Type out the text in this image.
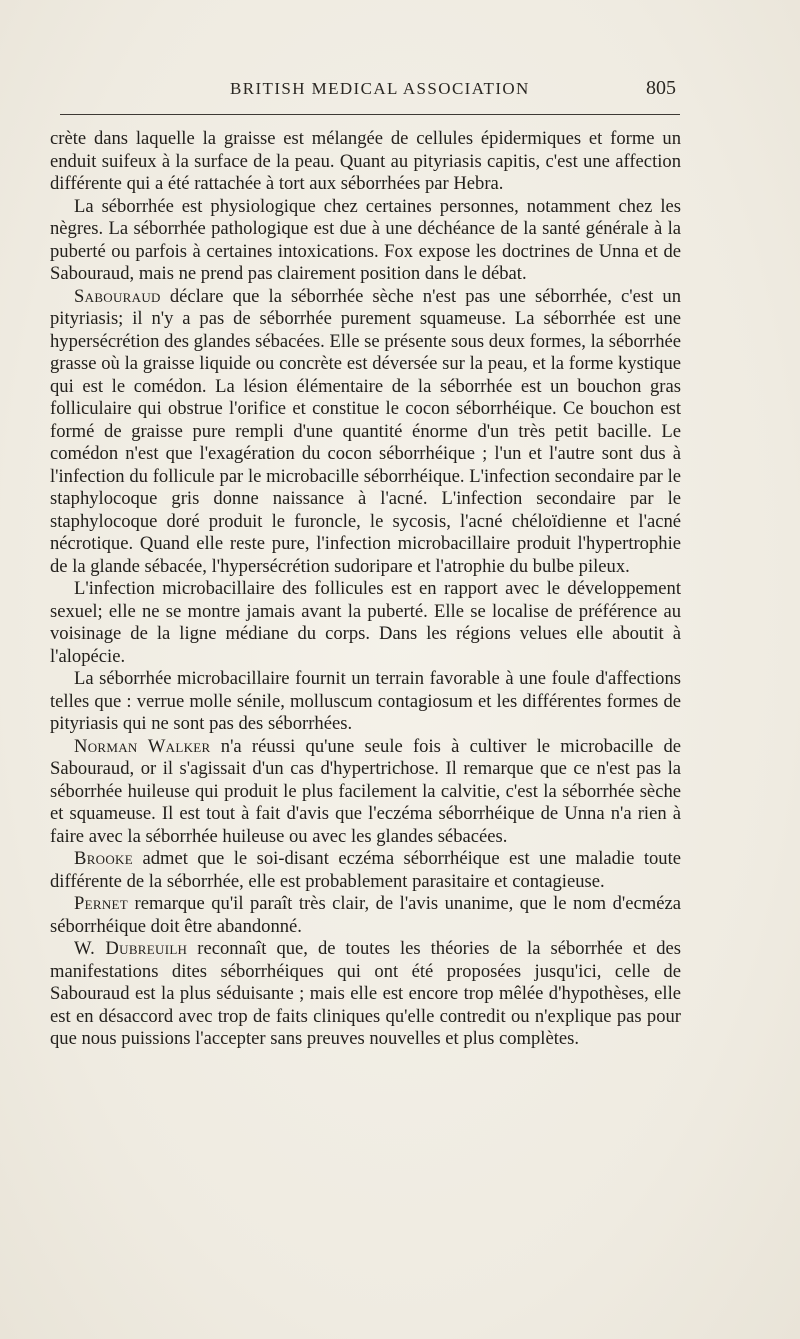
BRITISH MEDICAL ASSOCIATION	805

crète dans laquelle la graisse est mélangée de cellules épidermiques et forme un enduit suifeux à la surface de la peau. Quant au pityriasis capitis, c'est une affection différente qui a été rattachée à tort aux séborrhées par Hebra.

La séborrhée est physiologique chez certaines personnes, notamment chez les nègres. La séborrhée pathologique est due à une déchéance de la santé générale à la puberté ou parfois à certaines intoxications. Fox expose les doctrines de Unna et de Sabouraud, mais ne prend pas clairement position dans le débat.

Sabouraud déclare que la séborrhée sèche n'est pas une séborrhée, c'est un pityriasis; il n'y a pas de séborrhée purement squameuse. La séborrhée est une hypersécrétion des glandes sébacées. Elle se présente sous deux formes, la séborrhée grasse où la graisse liquide ou concrète est déversée sur la peau, et la forme kystique qui est le comédon. La lésion élémentaire de la séborrhée est un bouchon gras folliculaire qui obstrue l'orifice et constitue le cocon séborrhéique. Ce bouchon est formé de graisse pure rempli d'une quantité énorme d'un très petit bacille. Le comédon n'est que l'exagération du cocon séborrhéique ; l'un et l'autre sont dus à l'infection du follicule par le microbacille séborrhéique. L'infection secondaire par le staphylocoque gris donne naissance à l'acné. L'infection secondaire par le staphylocoque doré produit le furoncle, le sycosis, l'acné chéloïdienne et l'acné nécrotique. Quand elle reste pure, l'infection microbacillaire produit l'hypertrophie de la glande sébacée, l'hypersécrétion sudoripare et l'atrophie du bulbe pileux.

L'infection microbacillaire des follicules est en rapport avec le développement sexuel; elle ne se montre jamais avant la puberté. Elle se localise de préférence au voisinage de la ligne médiane du corps. Dans les régions velues elle aboutit à l'alopécie.

La séborrhée microbacillaire fournit un terrain favorable à une foule d'affections telles que : verrue molle sénile, molluscum contagiosum et les différentes formes de pityriasis qui ne sont pas des séborrhées.

Norman Walker n'a réussi qu'une seule fois à cultiver le microbacille de Sabouraud, or il s'agissait d'un cas d'hypertrichose. Il remarque que ce n'est pas la séborrhée huileuse qui produit le plus facilement la calvitie, c'est la séborrhée sèche et squameuse. Il est tout à fait d'avis que l'eczéma séborrhéique de Unna n'a rien à faire avec la séborrhée huileuse ou avec les glandes sébacées.

Brooke admet que le soi-disant eczéma séborrhéique est une maladie toute différente de la séborrhée, elle est probablement parasitaire et contagieuse.

Pernet remarque qu'il paraît très clair, de l'avis unanime, que le nom d'ecméza séborrhéique doit être abandonné.

W. Dubreuilh reconnaît que, de toutes les théories de la séborrhée et des manifestations dites séborrhéiques qui ont été proposées jusqu'ici, celle de Sabouraud est la plus séduisante ; mais elle est encore trop mêlée d'hypothèses, elle est en désaccord avec trop de faits cliniques qu'elle contredit ou n'explique pas pour que nous puissions l'accepter sans preuves nouvelles et plus complètes.
